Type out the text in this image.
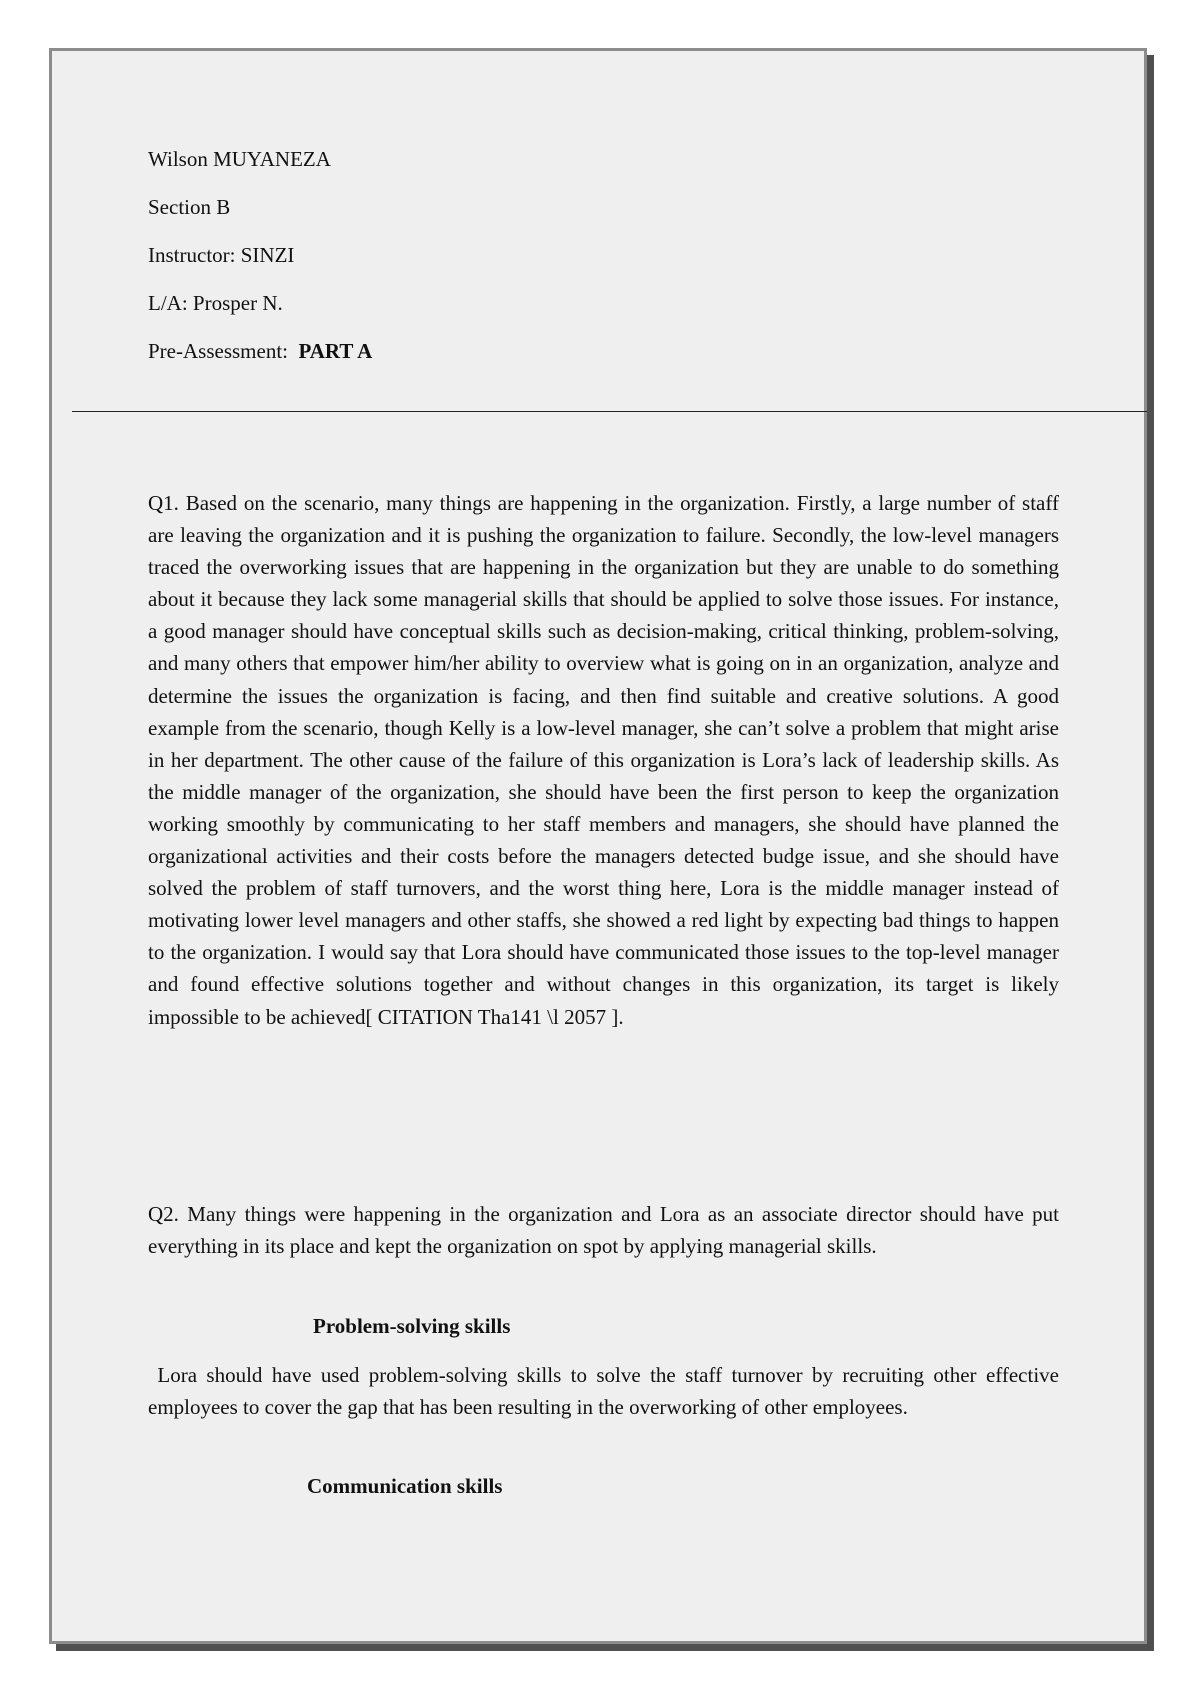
Wilson MUYANEZA
Section B
Instructor: SINZI
L/A: Prosper N.
Pre-Assessment: PART A

Q1. Based on the scenario, many things are happening in the organization. Firstly, a large number of staff are leaving the organization and it is pushing the organization to failure. Secondly, the low-level managers traced the overworking issues that are happening in the organization but they are unable to do something about it because they lack some managerial skills that should be applied to solve those issues. For instance, a good manager should have conceptual skills such as decision-making, critical thinking, problem-solving, and many others that empower him/her ability to overview what is going on in an organization, analyze and determine the issues the organization is facing, and then find suitable and creative solutions. A good example from the scenario, though Kelly is a low-level manager, she can’t solve a problem that might arise in her department. The other cause of the failure of this organization is Lora’s lack of leadership skills. As the middle manager of the organization, she should have been the first person to keep the organization working smoothly by communicating to her staff members and managers, she should have planned the organizational activities and their costs before the managers detected budge issue, and she should have solved the problem of staff turnovers, and the worst thing here, Lora is the middle manager instead of motivating lower level managers and other staffs, she showed a red light by expecting bad things to happen to the organization. I would say that Lora should have communicated those issues to the top-level manager and found effective solutions together and without changes in this organization, its target is likely impossible to be achieved[ CITATION Tha141 \l 2057 ].

Q2. Many things were happening in the organization and Lora as an associate director should have put everything in its place and kept the organization on spot by applying managerial skills.

Problem-solving skills

Lora should have used problem-solving skills to solve the staff turnover by recruiting other effective employees to cover the gap that has been resulting in the overworking of other employees.

Communication skills
